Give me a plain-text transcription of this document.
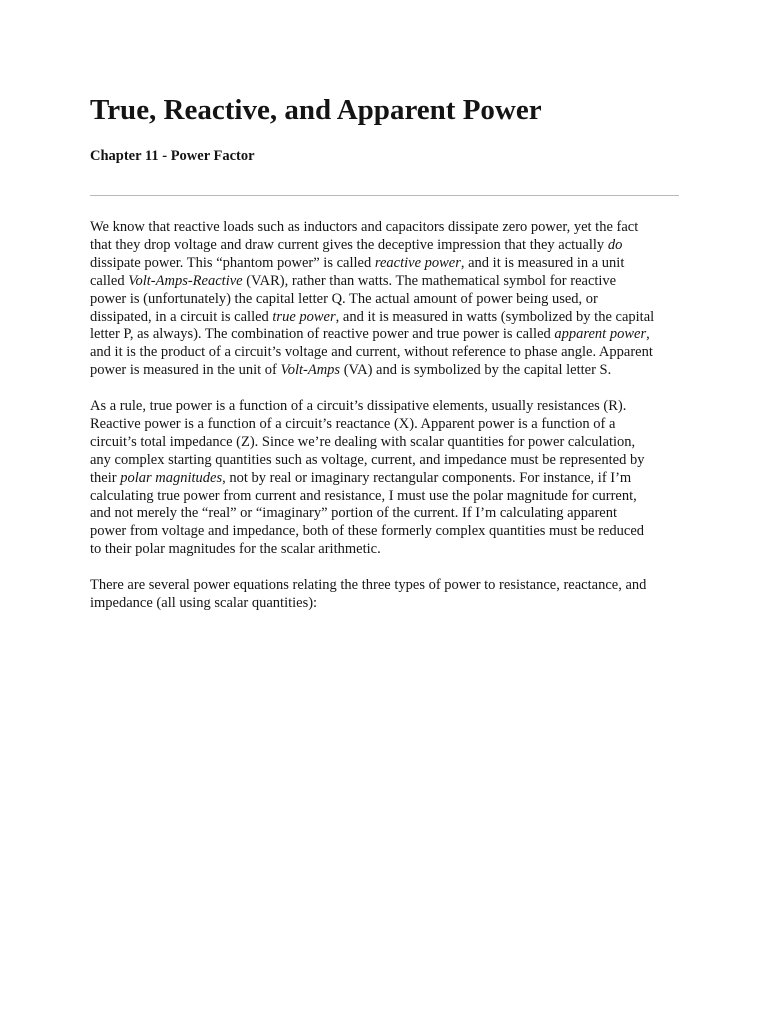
True, Reactive, and Apparent Power
Chapter 11 - Power Factor
We know that reactive loads such as inductors and capacitors dissipate zero power, yet the fact
that they drop voltage and draw current gives the deceptive impression that they actually do
dissipate power. This “phantom power” is called reactive power, and it is measured in a unit
called Volt-Amps-Reactive (VAR), rather than watts. The mathematical symbol for reactive
power is (unfortunately) the capital letter Q. The actual amount of power being used, or
dissipated, in a circuit is called true power, and it is measured in watts (symbolized by the capital
letter P, as always). The combination of reactive power and true power is called apparent power,
and it is the product of a circuit’s voltage and current, without reference to phase angle. Apparent
power is measured in the unit of Volt-Amps (VA) and is symbolized by the capital letter S.
As a rule, true power is a function of a circuit’s dissipative elements, usually resistances (R).
Reactive power is a function of a circuit’s reactance (X). Apparent power is a function of a
circuit’s total impedance (Z). Since we’re dealing with scalar quantities for power calculation,
any complex starting quantities such as voltage, current, and impedance must be represented by
their polar magnitudes, not by real or imaginary rectangular components. For instance, if I’m
calculating true power from current and resistance, I must use the polar magnitude for current,
and not merely the “real” or “imaginary” portion of the current. If I’m calculating apparent
power from voltage and impedance, both of these formerly complex quantities must be reduced
to their polar magnitudes for the scalar arithmetic.
There are several power equations relating the three types of power to resistance, reactance, and
impedance (all using scalar quantities):
